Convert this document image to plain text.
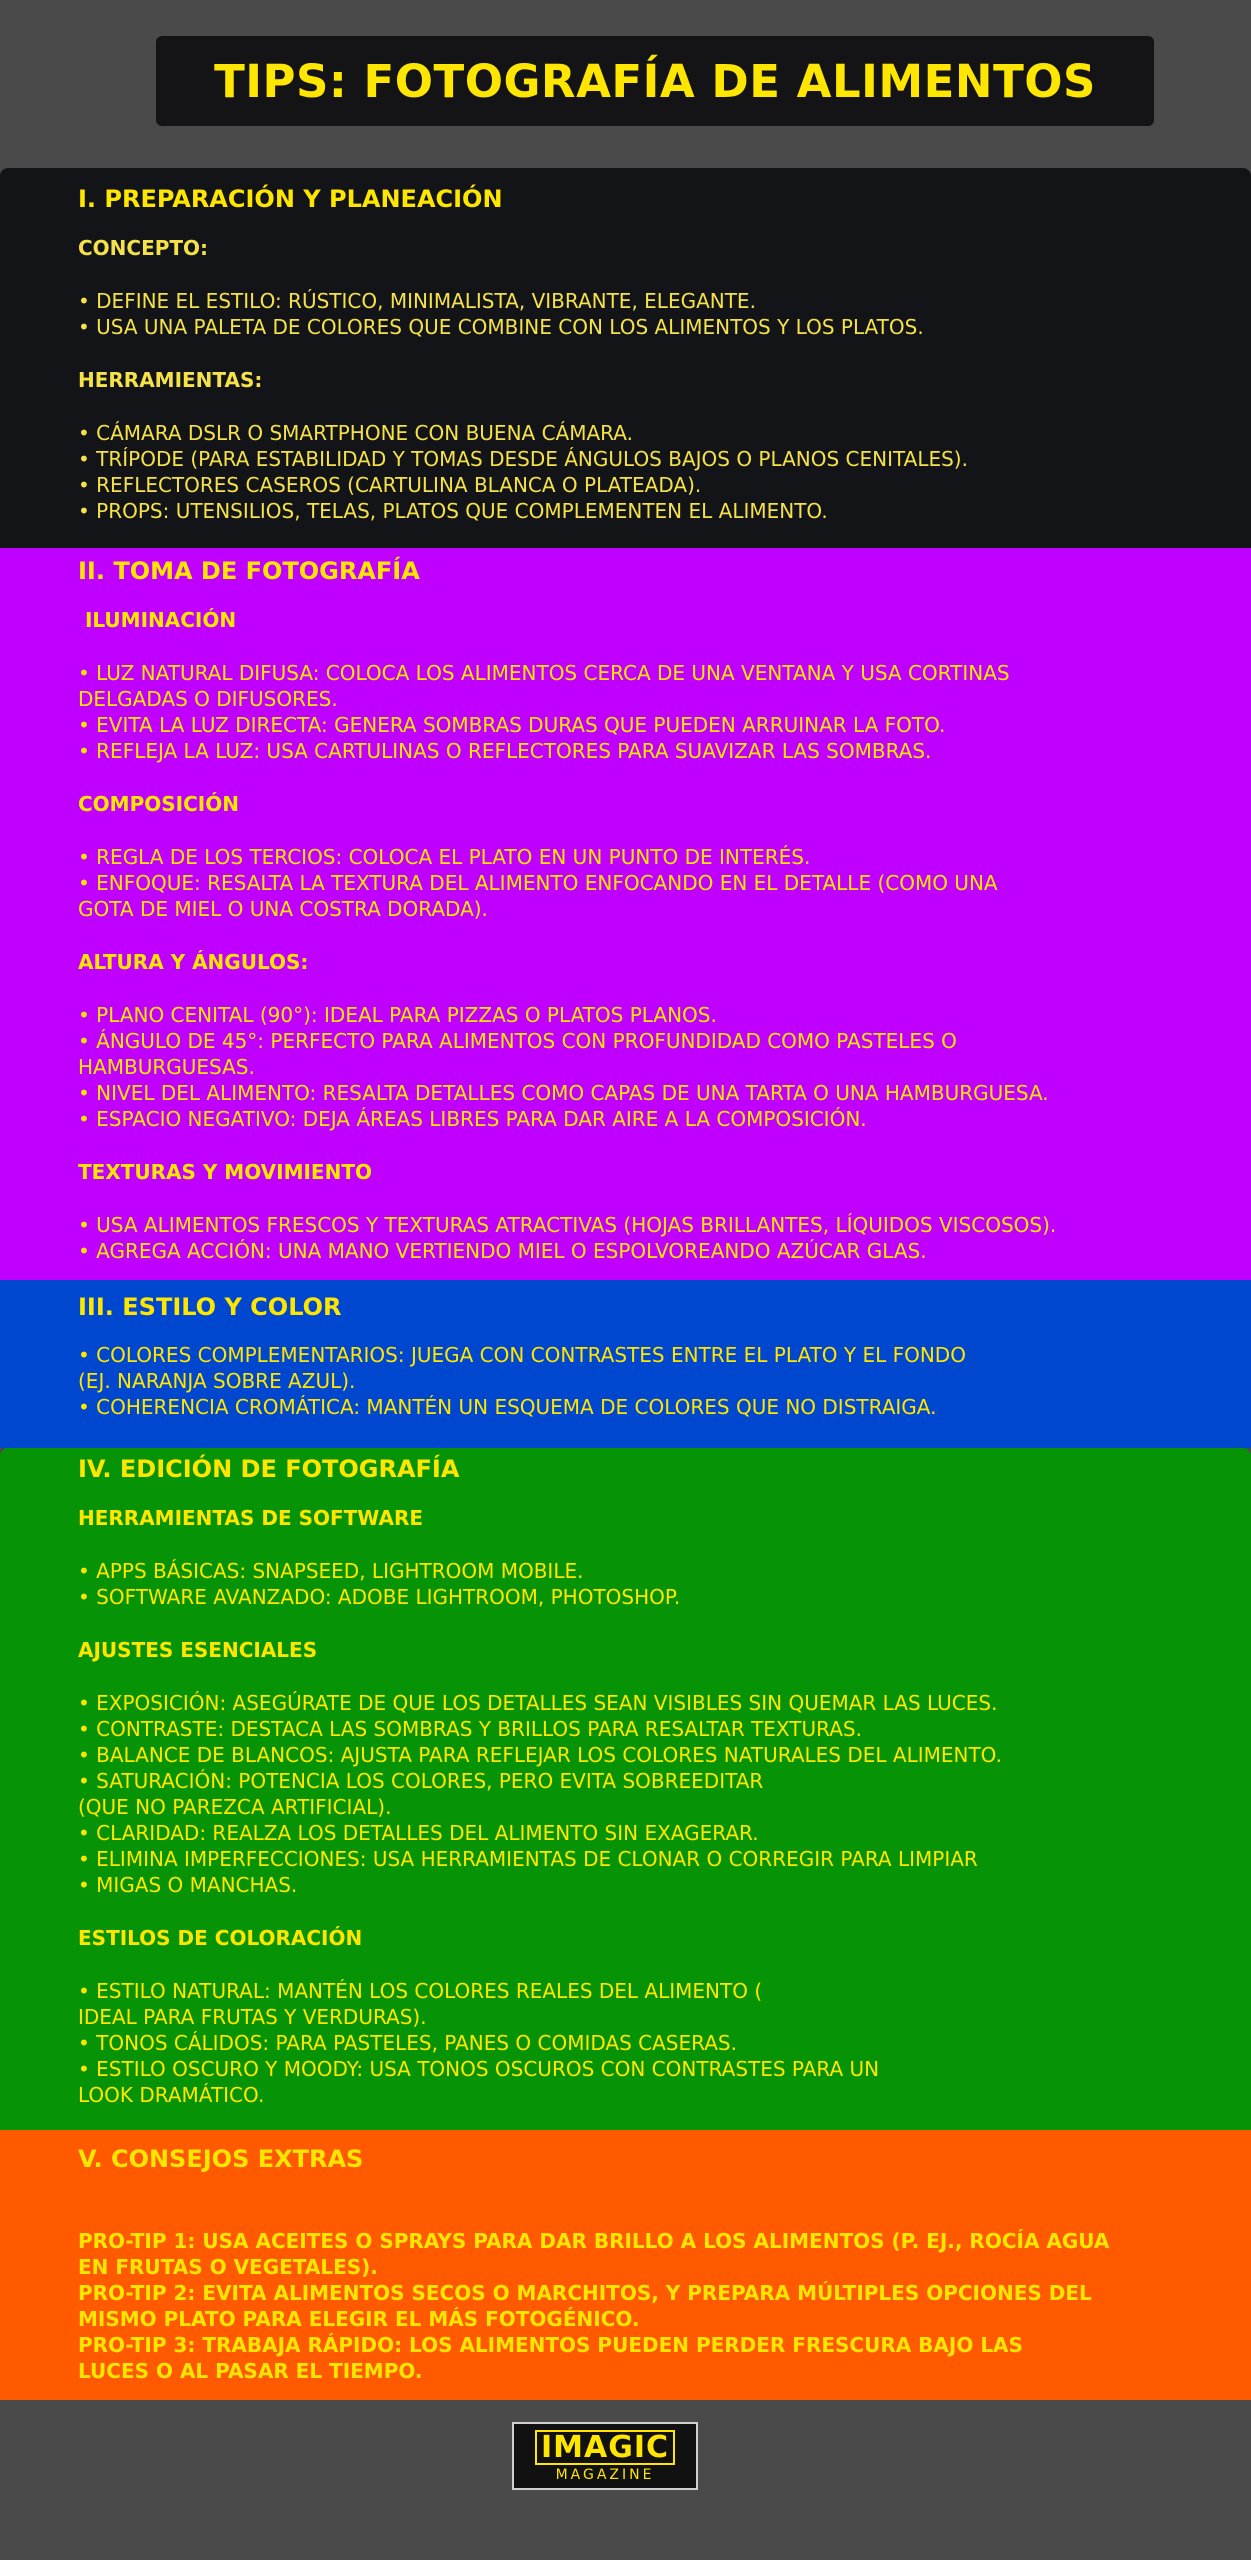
TIPS: FOTOGRAFÍA DE ALIMENTOS
I. PREPARACIÓN Y PLANEACIÓN
CONCEPTO:
• DEFINE EL ESTILO: RÚSTICO, MINIMALISTA, VIBRANTE, ELEGANTE.
• USA UNA PALETA DE COLORES QUE COMBINE CON LOS ALIMENTOS Y LOS PLATOS.
HERRAMIENTAS:
• CÁMARA DSLR O SMARTPHONE CON BUENA CÁMARA.
• TRÍPODE (PARA ESTABILIDAD Y TOMAS DESDE ÁNGULOS BAJOS O PLANOS CENITALES).
• REFLECTORES CASEROS (CARTULINA BLANCA O PLATEADA).
• PROPS: UTENSILIOS, TELAS, PLATOS QUE COMPLEMENTEN EL ALIMENTO.
II. TOMA DE FOTOGRAFÍA
ILUMINACIÓN
• LUZ NATURAL DIFUSA: COLOCA LOS ALIMENTOS CERCA DE UNA VENTANA Y USA CORTINAS
DELGADAS O DIFUSORES.
• EVITA LA LUZ DIRECTA: GENERA SOMBRAS DURAS QUE PUEDEN ARRUINAR LA FOTO.
• REFLEJA LA LUZ: USA CARTULINAS O REFLECTORES PARA SUAVIZAR LAS SOMBRAS.
COMPOSICIÓN
• REGLA DE LOS TERCIOS: COLOCA EL PLATO EN UN PUNTO DE INTERÉS.
• ENFOQUE: RESALTA LA TEXTURA DEL ALIMENTO ENFOCANDO EN EL DETALLE (COMO UNA
GOTA DE MIEL O UNA COSTRA DORADA).
ALTURA Y ÁNGULOS:
• PLANO CENITAL (90°): IDEAL PARA PIZZAS O PLATOS PLANOS.
• ÁNGULO DE 45°: PERFECTO PARA ALIMENTOS CON PROFUNDIDAD COMO PASTELES O
HAMBURGUESAS.
• NIVEL DEL ALIMENTO: RESALTA DETALLES COMO CAPAS DE UNA TARTA O UNA HAMBURGUESA.
• ESPACIO NEGATIVO: DEJA ÁREAS LIBRES PARA DAR AIRE A LA COMPOSICIÓN.
TEXTURAS Y MOVIMIENTO
• USA ALIMENTOS FRESCOS Y TEXTURAS ATRACTIVAS (HOJAS BRILLANTES, LÍQUIDOS VISCOSOS).
• AGREGA ACCIÓN: UNA MANO VERTIENDO MIEL O ESPOLVOREANDO AZÚCAR GLAS.
III. ESTILO Y COLOR
• COLORES COMPLEMENTARIOS: JUEGA CON CONTRASTES ENTRE EL PLATO Y EL FONDO
(EJ. NARANJA SOBRE AZUL).
• COHERENCIA CROMÁTICA: MANTÉN UN ESQUEMA DE COLORES QUE NO DISTRAIGA.
IV. EDICIÓN DE FOTOGRAFÍA
HERRAMIENTAS DE SOFTWARE
• APPS BÁSICAS: SNAPSEED, LIGHTROOM MOBILE.
• SOFTWARE AVANZADO: ADOBE LIGHTROOM, PHOTOSHOP.
AJUSTES ESENCIALES
• EXPOSICIÓN: ASEGÚRATE DE QUE LOS DETALLES SEAN VISIBLES SIN QUEMAR LAS LUCES.
• CONTRASTE: DESTACA LAS SOMBRAS Y BRILLOS PARA RESALTAR TEXTURAS.
• BALANCE DE BLANCOS: AJUSTA PARA REFLEJAR LOS COLORES NATURALES DEL ALIMENTO.
• SATURACIÓN: POTENCIA LOS COLORES, PERO EVITA SOBREEDITAR
(QUE NO PAREZCA ARTIFICIAL).
• CLARIDAD: REALZA LOS DETALLES DEL ALIMENTO SIN EXAGERAR.
• ELIMINA IMPERFECCIONES: USA HERRAMIENTAS DE CLONAR O CORREGIR PARA LIMPIAR
• MIGAS O MANCHAS.
ESTILOS DE COLORACIÓN
• ESTILO NATURAL: MANTÉN LOS COLORES REALES DEL ALIMENTO (
IDEAL PARA FRUTAS Y VERDURAS).
• TONOS CÁLIDOS: PARA PASTELES, PANES O COMIDAS CASERAS.
• ESTILO OSCURO Y MOODY: USA TONOS OSCUROS CON CONTRASTES PARA UN
LOOK DRAMÁTICO.
V. CONSEJOS EXTRAS
PRO-TIP 1: USA ACEITES O SPRAYS PARA DAR BRILLO A LOS ALIMENTOS (P. EJ., ROCÍA AGUA
EN FRUTAS O VEGETALES).
PRO-TIP 2: EVITA ALIMENTOS SECOS O MARCHITOS, Y PREPARA MÚLTIPLES OPCIONES DEL
MISMO PLATO PARA ELEGIR EL MÁS FOTOGÉNICO.
PRO-TIP 3: TRABAJA RÁPIDO: LOS ALIMENTOS PUEDEN PERDER FRESCURA BAJO LAS
LUCES O AL PASAR EL TIEMPO.
IMAGIC
MAGAZINE
